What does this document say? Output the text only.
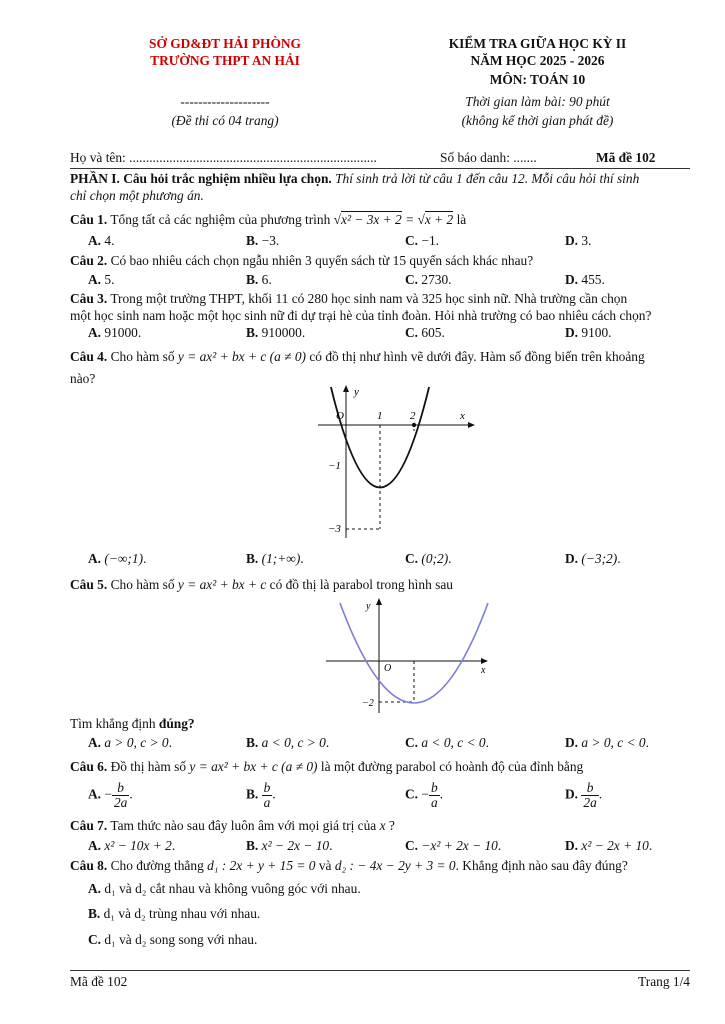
SỞ GD&ĐT HẢI PHÒNG
TRƯỜNG THPT AN HẢI
--------------------
(Đề thi có 04 trang)
KIỂM TRA GIỮA HỌC KỲ II
NĂM HỌC 2025 - 2026
MÔN: TOÁN 10
Thời gian làm bài: 90 phút
(không kể thời gian phát đề)
Họ và tên: ..........................................................................	Số báo danh: .......	Mã đề 102
PHẦN I. Câu hỏi trắc nghiệm nhiều lựa chọn. Thí sinh trả lời từ câu 1 đến câu 12. Mỗi câu hỏi thí sinh
chỉ chọn một phương án.
Câu 1. Tổng tất cả các nghiệm của phương trình √x² − 3x + 2 = √x + 2 là
A. 4.	B. −3.	C. −1.	D. 3.
Câu 2. Có bao nhiêu cách chọn ngẫu nhiên 3 quyển sách từ 15 quyển sách khác nhau?
A. 5.	B. 6.	C. 2730.	D. 455.
Câu 3. Trong một trường THPT, khối 11 có 280 học sinh nam và 325 học sinh nữ. Nhà trường cần chọn
một học sinh nam hoặc một học sinh nữ đi dự trại hè của tỉnh đoàn. Hỏi nhà trường có bao nhiêu cách chọn?
A. 91000.	B. 910000.	C. 605.	D. 9100.
Câu 4. Cho hàm số y = ax² + bx + c (a ≠ 0) có đồ thị như hình vẽ dưới đây. Hàm số đồng biến trên khoảng
nào?
y
x
O	1	2
−1
−3
A. (−∞;1).	B. (1;+∞).	C. (0;2).	D. (−3;2).
Câu 5. Cho hàm số y = ax² + bx + c có đồ thị là parabol trong hình sau
y
x
O
−2
Tìm khẳng định đúng?
A. a > 0, c > 0.	B. a < 0, c > 0.	C. a < 0, c < 0.	D. a > 0, c < 0.
Câu 6. Đồ thị hàm số y = ax² + bx + c (a ≠ 0) là một đường parabol có hoành độ của đỉnh bằng
A. − $\frac{b}{2a}$ .	B. $\frac{b}{a}$ .	C. − $\frac{b}{a}$ .	D. $\frac{b}{2a}$ .
Câu 7. Tam thức nào sau đây luôn âm với mọi giá trị của x ?
A. x² − 10x + 2.	B. x² − 2x − 10.	C. −x² + 2x − 10.	D. x² − 2x + 10.
Câu 8. Cho đường thẳng d₁ : 2x + y + 15 = 0 và d₂ : − 4x − 2y + 3 = 0. Khẳng định nào sau đây đúng?
A. d₁ và d₂ cắt nhau và không vuông góc với nhau.
B. d₁ và d₂ trùng nhau với nhau.
C. d₁ và d₂ song song với nhau.
Mã đề 102	Trang 1/4
